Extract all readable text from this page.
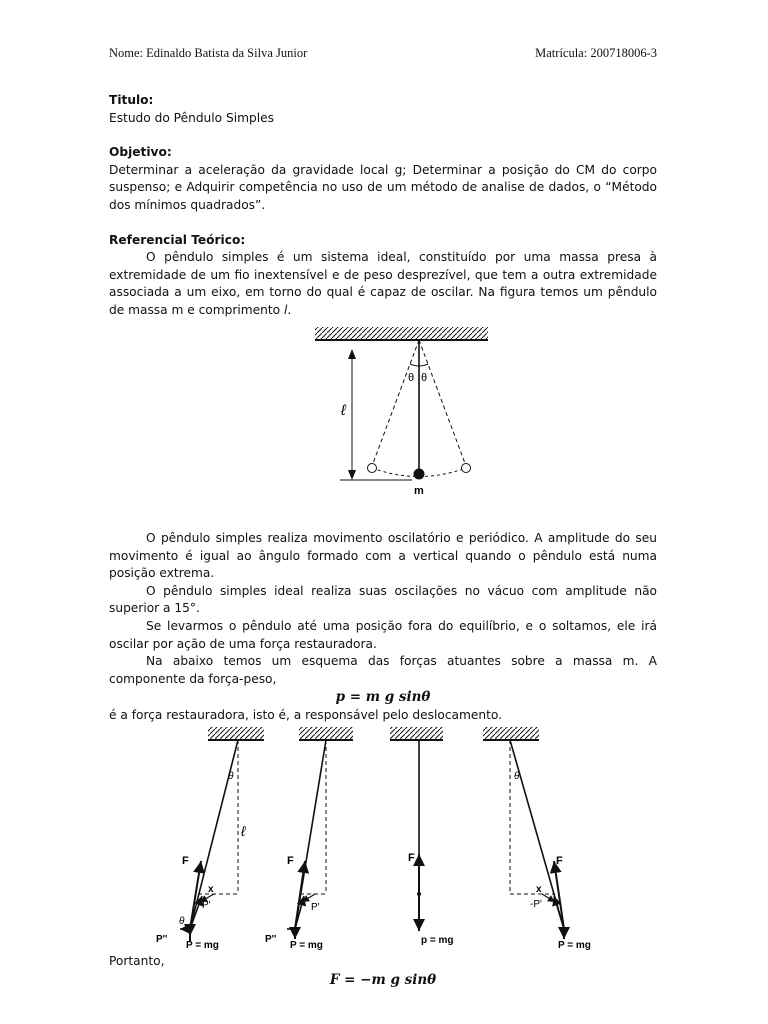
Nome: Edinaldo Batista da Silva Junior	Matrícula: 200718006-3

Titulo:

Estudo do Pêndulo Simples

Objetivo:

Determinar a aceleração da gravidade local g; Determinar a posição do CM do corpo suspenso; e Adquirir competência no uso de um método de analise de dados, o “Método dos mínimos quadrados”.

Referencial Teórico:

O pêndulo simples é um sistema ideal, constituído por uma massa presa à extremidade de um fio inextensível e de peso desprezível, que tem a outra extremidade associada a um eixo, em torno do qual é capaz de oscilar. Na figura temos um pêndulo de massa m e comprimento l.

θ θ
ℓ
m

O pêndulo simples realiza movimento oscilatório e periódico. A amplitude do seu movimento é igual ao ângulo formado com a vertical quando o pêndulo está numa posição extrema.

O pêndulo simples ideal realiza suas oscilações no vácuo com amplitude não superior a 15°.

Se levarmos o pêndulo até uma posição fora do equilíbrio, e o soltamos, ele irá oscilar por ação de uma força restauradora.

Na abaixo temos um esquema das forças atuantes sobre a massa m. A componente da força-peso,

p = m g sinθ

é a força restauradora, isto é, a responsável pelo deslocamento.

θ
ℓ
F
x
P'
θ
P''
P = mg
F
P'
P''
P = mg
F
p = mg
θ
F
x
-P'
P = mg

Portanto,

F = −m g sinθ
